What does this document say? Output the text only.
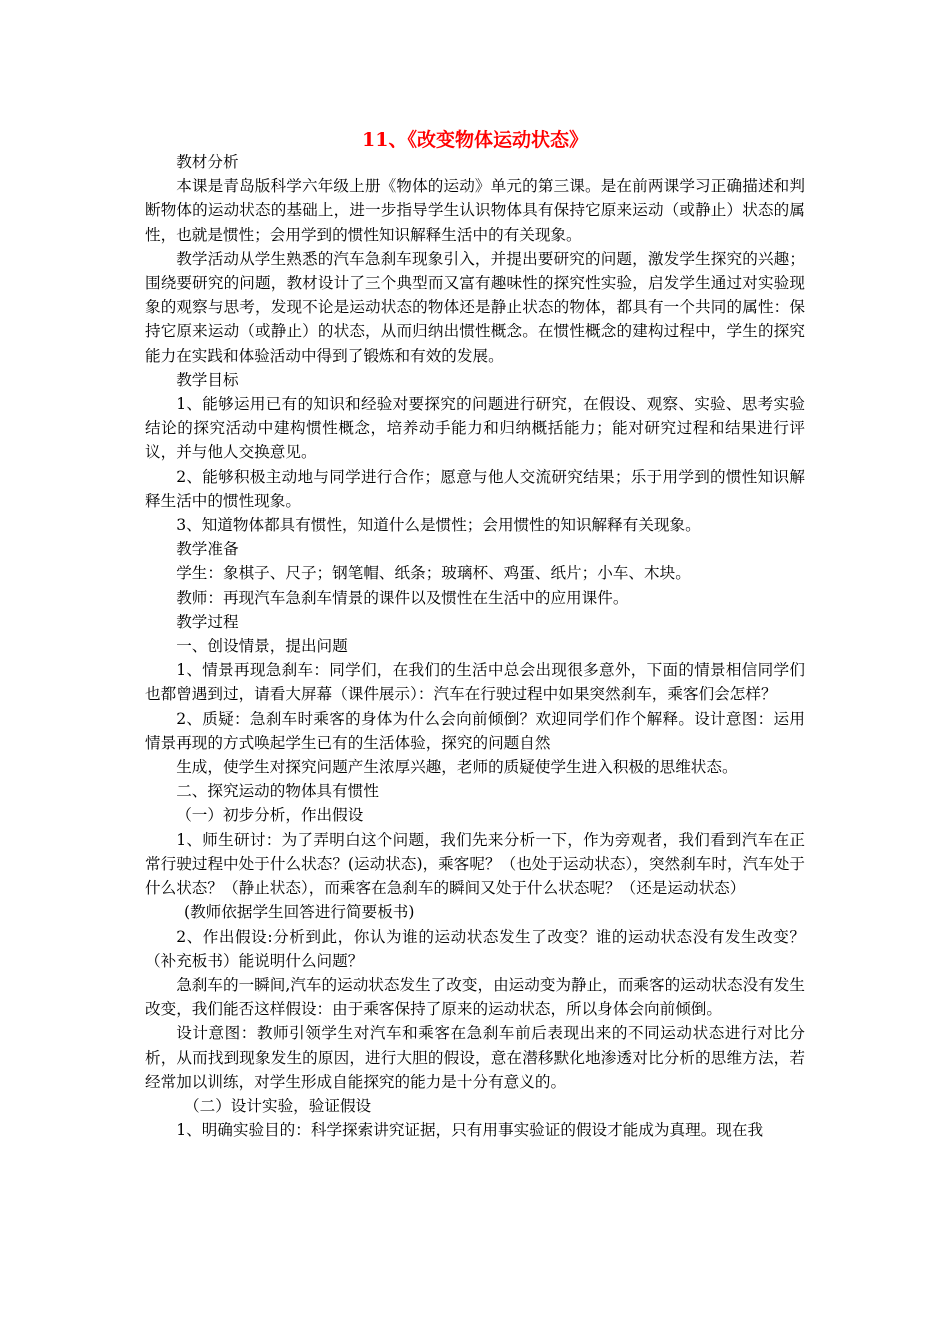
11、《改变物体运动状态》

教材分析

本课是青岛版科学六年级上册《物体的运动》单元的第三课。是在前两课学习正确描述和判断物体的运动状态的基础上，进一步指导学生认识物体具有保持它原来运动（或静止）状态的属性，也就是惯性；会用学到的惯性知识解释生活中的有关现象。

教学活动从学生熟悉的汽车急刹车现象引入，并提出要研究的问题，激发学生探究的兴趣；围绕要研究的问题，教材设计了三个典型而又富有趣味性的探究性实验，启发学生通过对实验现象的观察与思考，发现不论是运动状态的物体还是静止状态的物体，都具有一个共同的属性：保持它原来运动（或静止）的状态，从而归纳出惯性概念。在惯性概念的建构过程中，学生的探究能力在实践和体验活动中得到了锻炼和有效的发展。

教学目标

1、能够运用已有的知识和经验对要探究的问题进行研究，在假设、观察、实验、思考实验结论的探究活动中建构惯性概念，培养动手能力和归纳概括能力；能对研究过程和结果进行评议，并与他人交换意见。

2、能够积极主动地与同学进行合作；愿意与他人交流研究结果；乐于用学到的惯性知识解释生活中的惯性现象。

3、知道物体都具有惯性，知道什么是惯性；会用惯性的知识解释有关现象。

教学准备

学生：象棋子、尺子；钢笔帽、纸条；玻璃杯、鸡蛋、纸片；小车、木块。

教师：再现汽车急刹车情景的课件以及惯性在生活中的应用课件。

教学过程

一、创设情景，提出问题

1、情景再现急刹车：同学们，在我们的生活中总会出现很多意外，下面的情景相信同学们也都曾遇到过，请看大屏幕（课件展示）：汽车在行驶过程中如果突然刹车，乘客们会怎样？

2、质疑：急刹车时乘客的身体为什么会向前倾倒？欢迎同学们作个解释。设计意图：运用情景再现的方式唤起学生已有的生活体验，探究的问题自然

生成，使学生对探究问题产生浓厚兴趣，老师的质疑使学生进入积极的思维状态。

二、探究运动的物体具有惯性

（一）初步分析，作出假设

1、师生研讨：为了弄明白这个问题，我们先来分析一下，作为旁观者，我们看到汽车在正常行驶过程中处于什么状态？(运动状态)，乘客呢？（也处于运动状态），突然刹车时，汽车处于什么状态？（静止状态），而乘客在急刹车的瞬间又处于什么状态呢？（还是运动状态）

(教师依据学生回答进行简要板书)

2、作出假设:分析到此，你认为谁的运动状态发生了改变？谁的运动状态没有发生改变？（补充板书）能说明什么问题？

急刹车的一瞬间,汽车的运动状态发生了改变，由运动变为静止，而乘客的运动状态没有发生改变，我们能否这样假设：由于乘客保持了原来的运动状态，所以身体会向前倾倒。

设计意图：教师引领学生对汽车和乘客在急刹车前后表现出来的不同运动状态进行对比分析，从而找到现象发生的原因，进行大胆的假设，意在潜移默化地渗透对比分析的思维方法，若经常加以训练，对学生形成自能探究的能力是十分有意义的。

（二）设计实验，验证假设

1、明确实验目的：科学探索讲究证据，只有用事实验证的假设才能成为真理。现在我
